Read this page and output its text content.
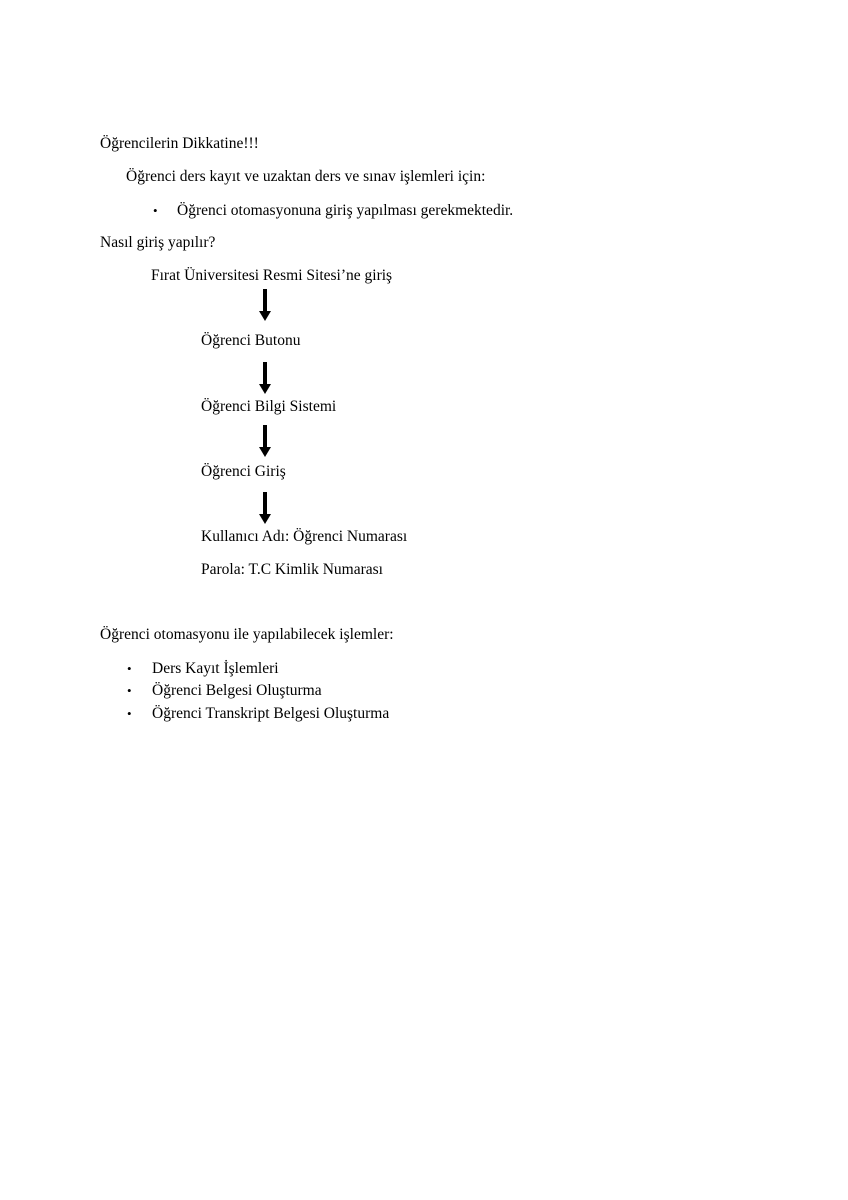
Öğrencilerin Dikkatine!!!
Öğrenci ders kayıt ve uzaktan ders ve sınav işlemleri için:
• Öğrenci otomasyonuna giriş yapılması gerekmektedir.
Nasıl giriş yapılır?
Fırat Üniversitesi Resmi Sitesi’ne giriş
Öğrenci Butonu
Öğrenci Bilgi Sistemi
Öğrenci Giriş
Kullanıcı Adı: Öğrenci Numarası
Parola: T.C Kimlik Numarası
Öğrenci otomasyonu ile yapılabilecek işlemler:
• Ders Kayıt İşlemleri
• Öğrenci Belgesi Oluşturma
• Öğrenci Transkript Belgesi Oluşturma
